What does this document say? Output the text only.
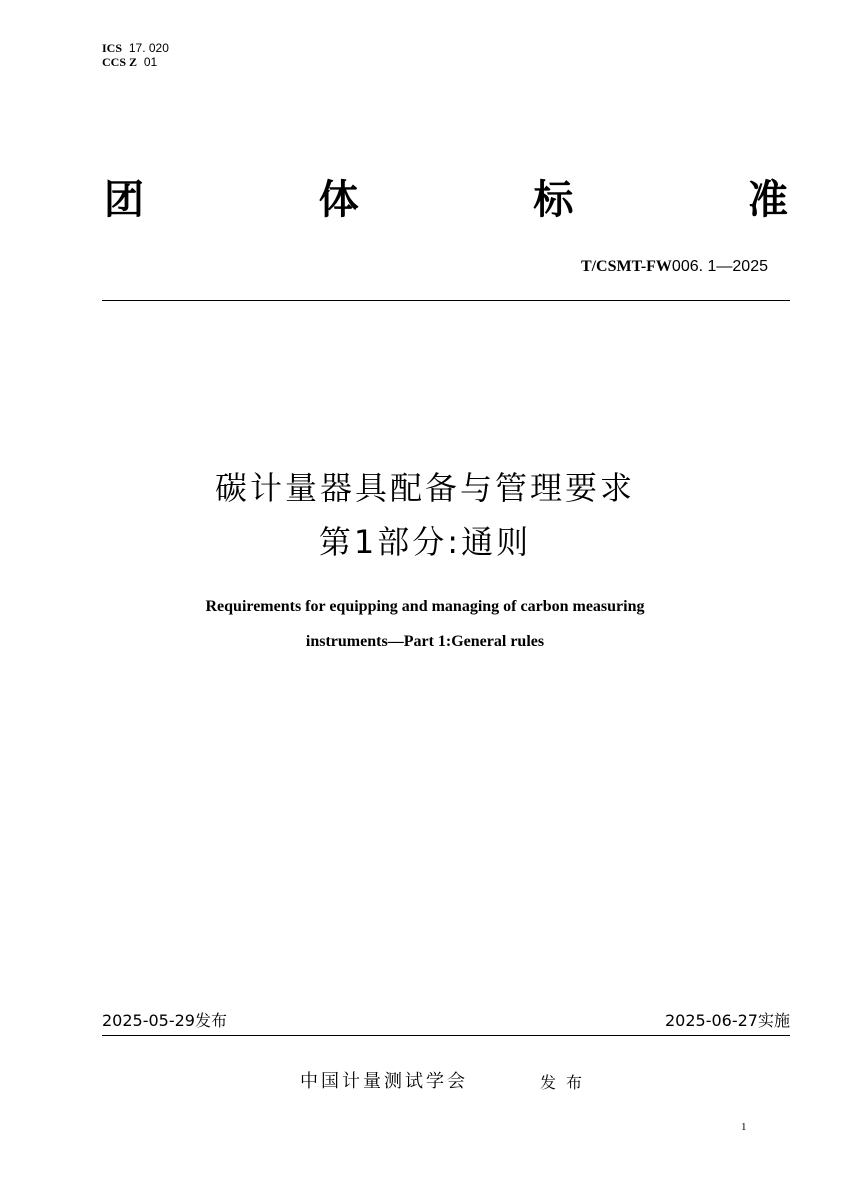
ICS 17. 020
CCS Z 01
团	体	标	准
T/CSMT-FW006. 1—2025
碳计量器具配备与管理要求
第1部分:通则
Requirements for equipping and managing of carbon measuring
instruments—Part 1:General rules
2025-05-29发布	2025-06-27实施
中国计量测试学会	发布
1
